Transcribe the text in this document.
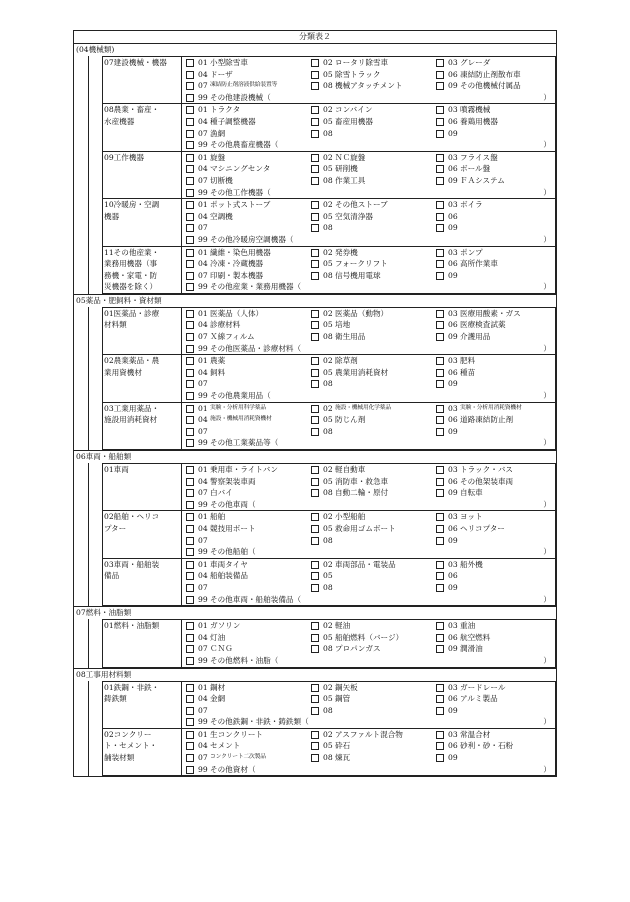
分類表２
(04機械類)
07建設機械・機器	01 小型除雪車	02 ロータリ除雪車	03 グレーダ
04 ドーザ	05 除雪トラック	06 凍結防止剤散布車
07 凍結防止剤溶液供給装置等	08 機械アタッチメント	09 その他機械付属品
99 その他建設機械（	）
08農業・畜産・
水産機器
01 トラクタ	02 コンバイン	03 噴霧機械
04 種子調整機器	05 畜産用機器	06 養鶏用機器
07 漁網	08	09
99 その他農畜産機器（	）
09工作機器	01 旋盤	02 ＮＣ旋盤	03 フライス盤
04 マシニングセンタ	05 研削機	06 ボール盤
07 切断機	08 作業工具	09 ＦＡシステム
99 その他工作機器（	）
10冷暖房・空調
機器
01 ポット式ストーブ	02 その他ストーブ	03 ボイラ
04 空調機	05 空気清浄器	06
07	08	09
99 その他冷暖房空調機器（	）
11その他産業・
業務用機器（事
務機・家電・防
災機器を除く）
01 繊維・染色用機器	02 発券機	03 ポンプ
04 冷凍・冷蔵機器	05 フォークリフト	06 高所作業車
07 印刷・製本機器	08 信号機用電球	09
99 その他産業・業務用機器（	）
05薬品・肥飼料・資材類
01医薬品・診療
材料類
01 医薬品（人体）	02 医薬品（動物）	03 医療用酸素・ガス
04 診療材料	05 培地	06 医療検査試薬
07 Ｘ線フィルム	08 衛生用品	09 介護用品
99 その他医薬品・診療材料（	）
02農業薬品・農
業用資機材
01 農薬	02 除草剤	03 肥料
04 飼料	05 農業用消耗資材	06 種苗
07	08	09
99 その他農業用品（	）
03工業用薬品・
施設用消耗資材
01 実験・分析用科学薬品	02 施設・機械用化学薬品	03 実験・分析用消耗資機材
04 施設・機械用消耗資機材	05 防じん剤	06 道路凍結防止剤
07	08	09
99 その他工業薬品等（	）
06車両・船舶類
01車両	01 乗用車・ライトバン	02 軽自動車	03 トラック・バス
04 警察架装車両	05 消防車・救急車	06 その他架装車両
07 白バイ	08 自動二輪・原付	09 自転車
99 その他車両（	）
02船舶・ヘリコ
プター
01 船舶	02 小型船舶	03 ヨット
04 競技用ボート	05 救命用ゴムボート	06 ヘリコプター
07	08	09
99 その他船舶（	）
03車両・船舶装
備品
01 車両タイヤ	02 車両部品・電装品	03 船外機
04 船舶装備品	05	06
07	08	09
99 その他車両・船舶装備品（	）
07燃料・油脂類
01燃料・油脂類	01 ガソリン	02 軽油	03 重油
04 灯油	05 船舶燃料（バージ）	06 航空燃料
07 ＣＮＧ	08 プロパンガス	09 潤滑油
99 その他燃料・油脂（	）
08工事用材料類
01鉄鋼・非鉄・
鋳鉄類
01 鋼材	02 鋼矢板	03 ガードレール
04 金網	05 鋼管	06 アルミ製品
07	08	09
99 その他鉄鋼・非鉄・鋳鉄類（	）
02コンクリー
ト・セメント・
舗装材類
01 生コンクリート	02 アスファルト混合物	03 常温合材
04 セメント	05 砕石	06 砂利・砂・石粉
07 コンクリート二次製品	08 煉瓦	09
99 その他資材（	）
